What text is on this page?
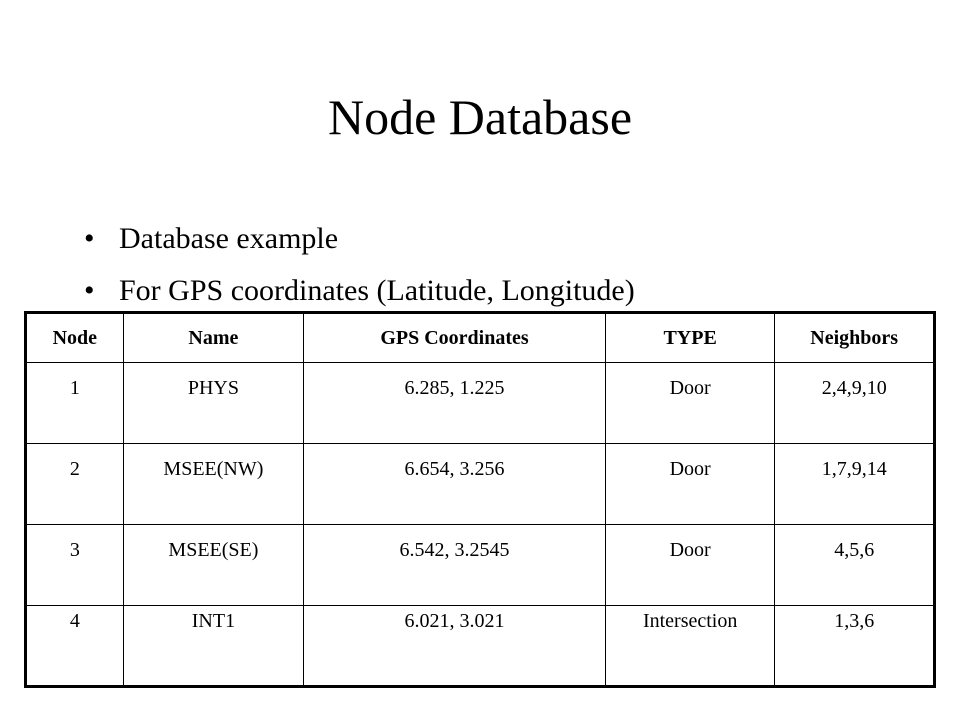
Node Database
• Database example
• For GPS coordinates (Latitude, Longitude)
Node	Name	GPS Coordinates	TYPE	Neighbors
1	PHYS	6.285, 1.225	Door	2,4,9,10
2	MSEE(NW)	6.654, 3.256	Door	1,7,9,14
3	MSEE(SE)	6.542, 3.2545	Door	4,5,6
4	INT1	6.021, 3.021	Intersection	1,3,6
